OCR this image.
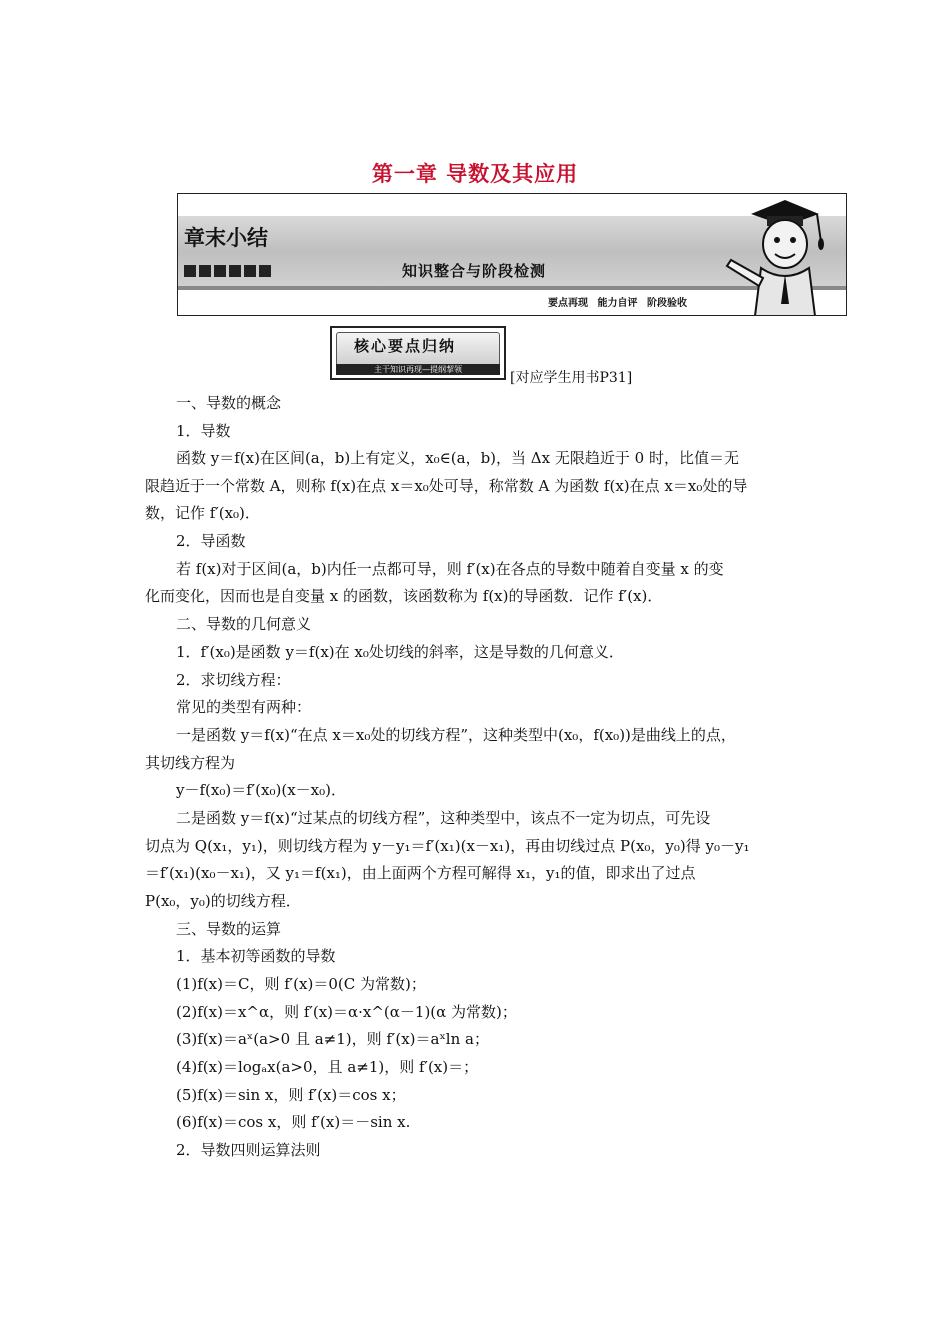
第一章 导数及其应用
章末小结
知识整合与阶段检测
要点再现 能力自评 阶段验收
核心要点归纳
主干知识再现—提纲挈领
[对应学生用书P31]
一、导数的概念
1．导数
函数 y＝f(x)在区间(a，b)上有定义，x₀∈(a，b)，当 Δx 无限趋近于 0 时，比值＝无
限趋近于一个常数 A，则称 f(x)在点 x＝x₀处可导，称常数 A 为函数 f(x)在点 x＝x₀处的导
数，记作 f′(x₀)．
2．导函数
若 f(x)对于区间(a，b)内任一点都可导，则 f′(x)在各点的导数中随着自变量 x 的变
化而变化，因而也是自变量 x 的函数，该函数称为 f(x)的导函数．记作 f′(x)．
二、导数的几何意义
1．f′(x₀)是函数 y＝f(x)在 x₀处切线的斜率，这是导数的几何意义．
2．求切线方程：
常见的类型有两种：
一是函数 y＝f(x)“在点 x＝x₀处的切线方程”，这种类型中(x₀，f(x₀))是曲线上的点，
其切线方程为
y－f(x₀)＝f′(x₀)(x－x₀)．
二是函数 y＝f(x)“过某点的切线方程”，这种类型中，该点不一定为切点，可先设
切点为 Q(x₁，y₁)，则切线方程为 y－y₁＝f′(x₁)(x－x₁)，再由切线过点 P(x₀，y₀)得 y₀－y₁
＝f′(x₁)(x₀－x₁)，又 y₁＝f(x₁)，由上面两个方程可解得 x₁，y₁的值，即求出了过点
P(x₀，y₀)的切线方程．
三、导数的运算
1．基本初等函数的导数
(1)f(x)＝C，则 f′(x)＝0(C 为常数)；
(2)f(x)＝x^α，则 f′(x)＝α·x^(α－1)(α 为常数)；
(3)f(x)＝aˣ(a>0 且 a≠1)，则 f′(x)＝aˣln a；
(4)f(x)＝logₐx(a>0，且 a≠1)，则 f′(x)＝；
(5)f(x)＝sin x，则 f′(x)＝cos x；
(6)f(x)＝cos x，则 f′(x)＝－sin x.
2．导数四则运算法则
